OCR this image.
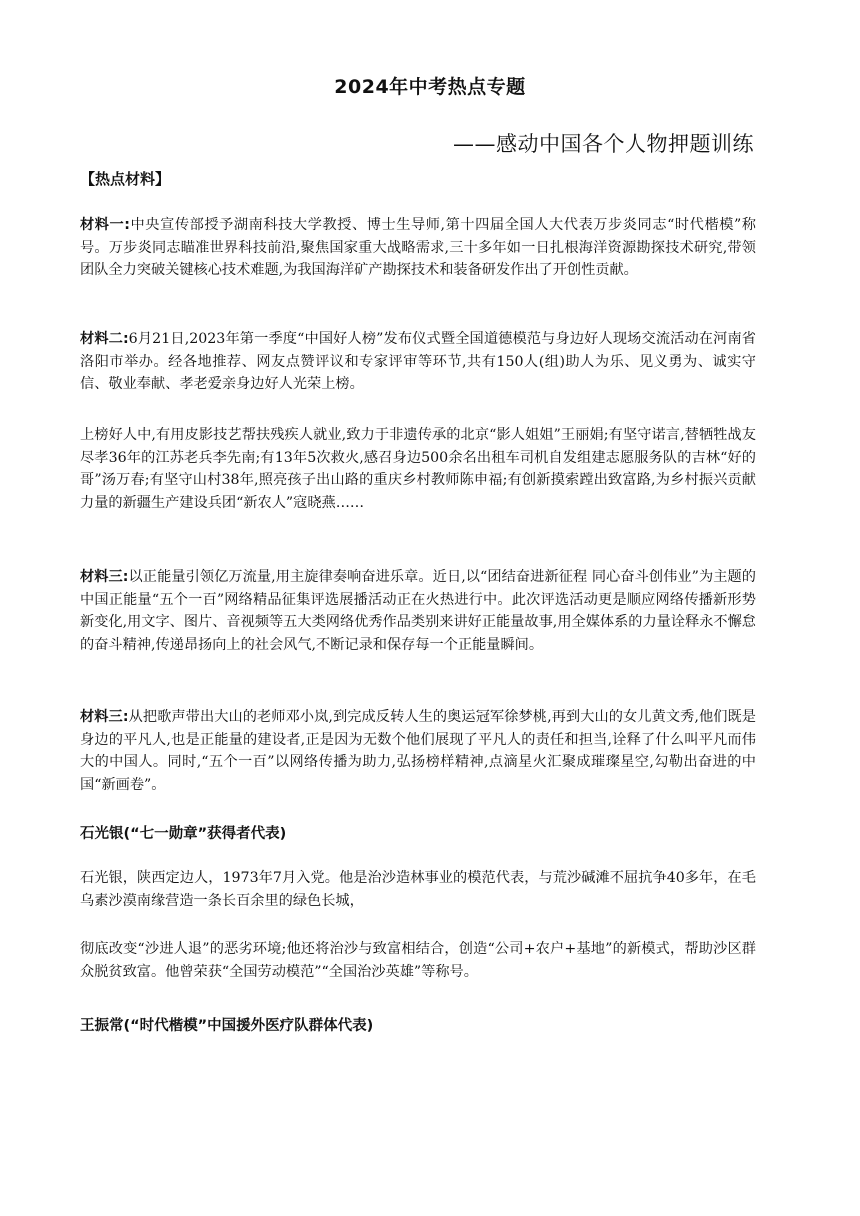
2024年中考热点专题
——感动中国各个人物押题训练
【热点材料】

材料一:中央宣传部授予湖南科技大学教授、博士生导师,第十四届全国人大代表万步炎同志“时代楷模”称号。万步炎同志瞄准世界科技前沿,聚焦国家重大战略需求,三十多年如一日扎根海洋资源勘探技术研究,带领团队全力突破关键核心技术难题,为我国海洋矿产勘探技术和装备研发作出了开创性贡献。

材料二:6月21日,2023年第一季度“中国好人榜”发布仪式暨全国道德模范与身边好人现场交流活动在河南省洛阳市举办。经各地推荐、网友点赞评议和专家评审等环节,共有150人(组)助人为乐、见义勇为、诚实守信、敬业奉献、孝老爱亲身边好人光荣上榜。

上榜好人中,有用皮影技艺帮扶残疾人就业,致力于非遗传承的北京“影人姐姐”王丽娟;有坚守诺言,替牺牲战友尽孝36年的江苏老兵李先南;有13年5次救火,感召身边500余名出租车司机自发组建志愿服务队的吉林“好的哥”汤万春;有坚守山村38年,照亮孩子出山路的重庆乡村教师陈申福;有创新摸索蹚出致富路,为乡村振兴贡献力量的新疆生产建设兵团“新农人”寇晓燕……

材料三:以正能量引领亿万流量,用主旋律奏响奋进乐章。近日,以“团结奋进新征程 同心奋斗创伟业”为主题的中国正能量“五个一百”网络精品征集评选展播活动正在火热进行中。此次评选活动更是顺应网络传播新形势新变化,用文字、图片、音视频等五大类网络优秀作品类别来讲好正能量故事,用全媒体系的力量诠释永不懈怠的奋斗精神,传递昂扬向上的社会风气,不断记录和保存每一个正能量瞬间。

材料三:从把歌声带出大山的老师邓小岚,到完成反转人生的奥运冠军徐梦桃,再到大山的女儿黄文秀,他们既是身边的平凡人,也是正能量的建设者,正是因为无数个他们展现了平凡人的责任和担当,诠释了什么叫平凡而伟大的中国人。同时,“五个一百”以网络传播为助力,弘扬榜样精神,点滴星火汇聚成璀璨星空,勾勒出奋进的中国“新画卷”。

石光银(“七一勋章”获得者代表)

石光银，陕西定边人，1973年7月入党。他是治沙造林事业的模范代表，与荒沙碱滩不屈抗争40多年，在毛乌素沙漠南缘营造一条长百余里的绿色长城，

彻底改变“沙进人退”的恶劣环境;他还将治沙与致富相结合，创造“公司+农户+基地”的新模式，帮助沙区群众脱贫致富。他曾荣获“全国劳动模范”“全国治沙英雄”等称号。

王振常(“时代楷模”中国援外医疗队群体代表)
